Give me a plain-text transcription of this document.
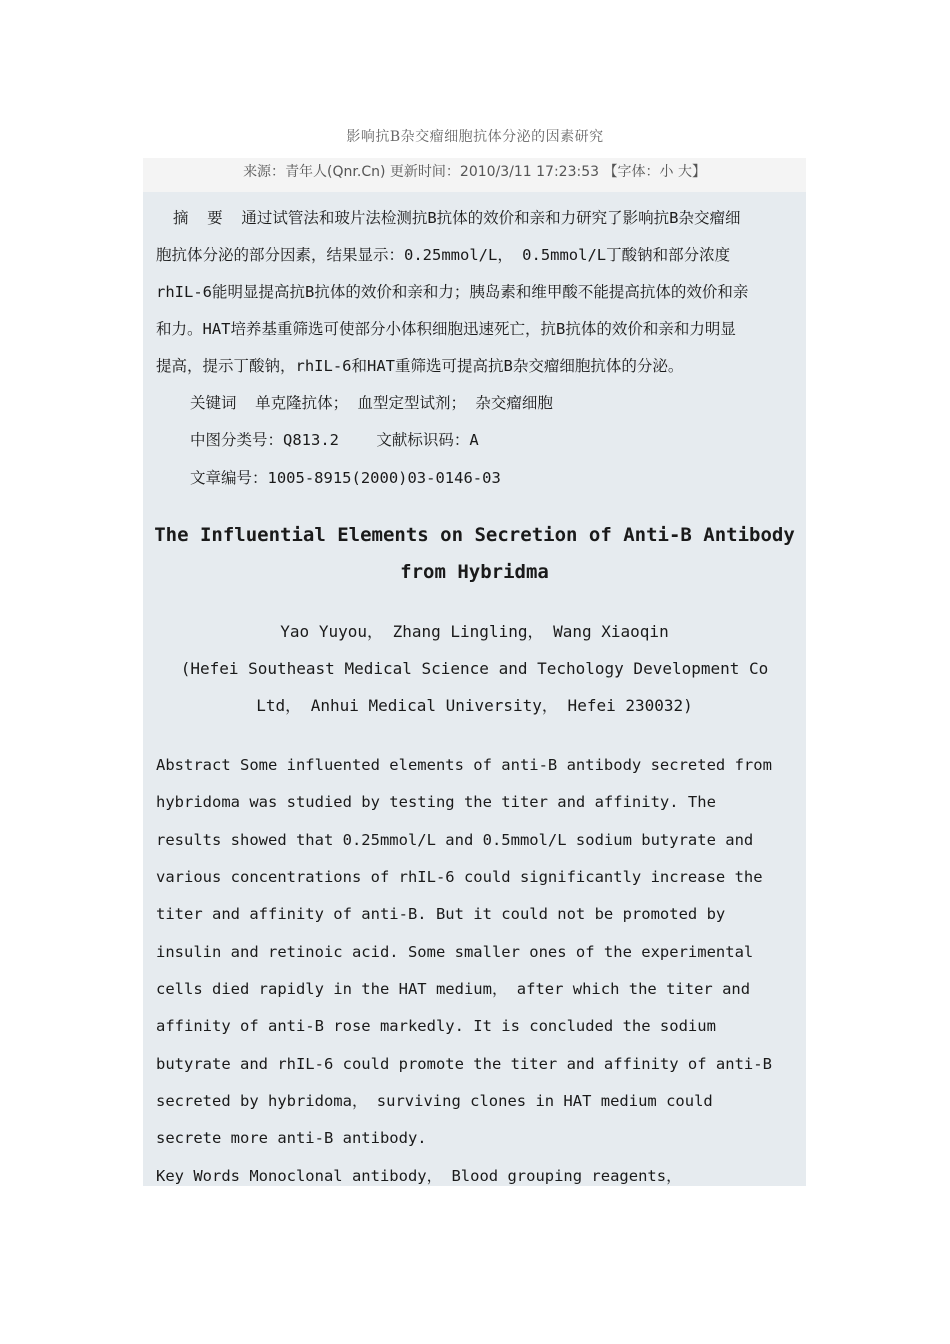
影响抗B杂交瘤细胞抗体分泌的因素研究
来源：青年人(Qnr.Cn) 更新时间：2010/3/11 17:23:53 【字体：小 大】
摘  要  通过试管法和玻片法检测抗B抗体的效价和亲和力研究了影响抗B杂交瘤细
胞抗体分泌的部分因素，结果显示：0.25mmol/L， 0.5mmol/L丁酸钠和部分浓度
rhIL-6能明显提高抗B抗体的效价和亲和力；胰岛素和维甲酸不能提高抗体的效价和亲
和力。HAT培养基重筛选可使部分小体积细胞迅速死亡，抗B抗体的效价和亲和力明显
提高，提示丁酸钠，rhIL-6和HAT重筛选可提高抗B杂交瘤细胞抗体的分泌。
关键词  单克隆抗体； 血型定型试剂； 杂交瘤细胞
中图分类号：Q813.2    文献标识码：A
文章编号：1005-8915(2000)03-0146-03
The Influential Elements on Secretion of Anti-B Antibody
from Hybridma
Yao Yuyou， Zhang Lingling， Wang Xiaoqin
(Hefei Southeast Medical Science and Techology Development Co
Ltd， Anhui Medical University， Hefei 230032)
Abstract Some influented elements of anti-B antibody secreted from
hybridoma was studied by testing the titer and affinity. The
results showed that 0.25mmol/L and 0.5mmol/L sodium butyrate and
various concentrations of rhIL-6 could significantly increase the
titer and affinity of anti-B. But it could not be promoted by
insulin and retinoic acid. Some smaller ones of the experimental
cells died rapidly in the HAT medium， after which the titer and
affinity of anti-B rose markedly. It is concluded the sodium
butyrate and rhIL-6 could promote the titer and affinity of anti-B
secreted by hybridoma， surviving clones in HAT medium could
secrete more anti-B antibody.
Key Words Monoclonal antibody， Blood grouping reagents，
